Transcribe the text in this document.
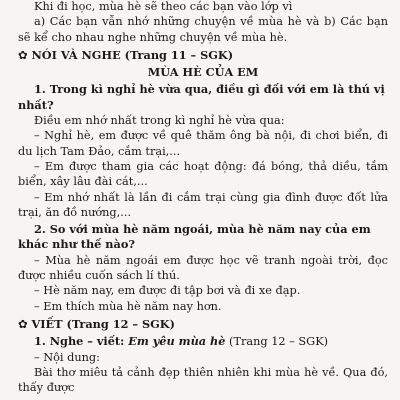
Khi đi học, mùa hè sẽ theo các bạn vào lớp vì

a) Các bạn vẫn nhớ những chuyện về mùa hè và b) Các bạn sẽ kể cho nhau nghe những chuyện về mùa hè.

✿ NÓI VÀ NGHE (Trang 11 – SGK)

MÙA HÈ CỦA EM

1. Trong kì nghỉ hè vừa qua, điều gì đối với em là thú vị nhất?

Điều em nhớ nhất trong kì nghỉ hè vừa qua:

– Nghỉ hè, em được về quê thăm ông bà nội, đi chơi biển, đi du lịch Tam Đảo, cắm trại,...

– Em được tham gia các hoạt động: đá bóng, thả diều, tắm biển, xây lâu đài cát,...

– Em nhớ nhất là lần đi cắm trại cùng gia đình được đốt lửa trại, ăn đồ nướng,...

2. So với mùa hè năm ngoái, mùa hè năm nay của em khác như thế nào?

– Mùa hè năm ngoái em được học vẽ tranh ngoài trời, đọc được nhiều cuốn sách lí thú.

– Hè năm nay, em được đi tập bơi và đi xe đạp.

– Em thích mùa hè năm nay hơn.

✿ VIẾT (Trang 12 – SGK)

1. Nghe – viết: Em yêu mùa hè (Trang 12 – SGK)

– Nội dung:

Bài thơ miêu tả cảnh đẹp thiên nhiên khi mùa hè về. Qua đó, thấy được
